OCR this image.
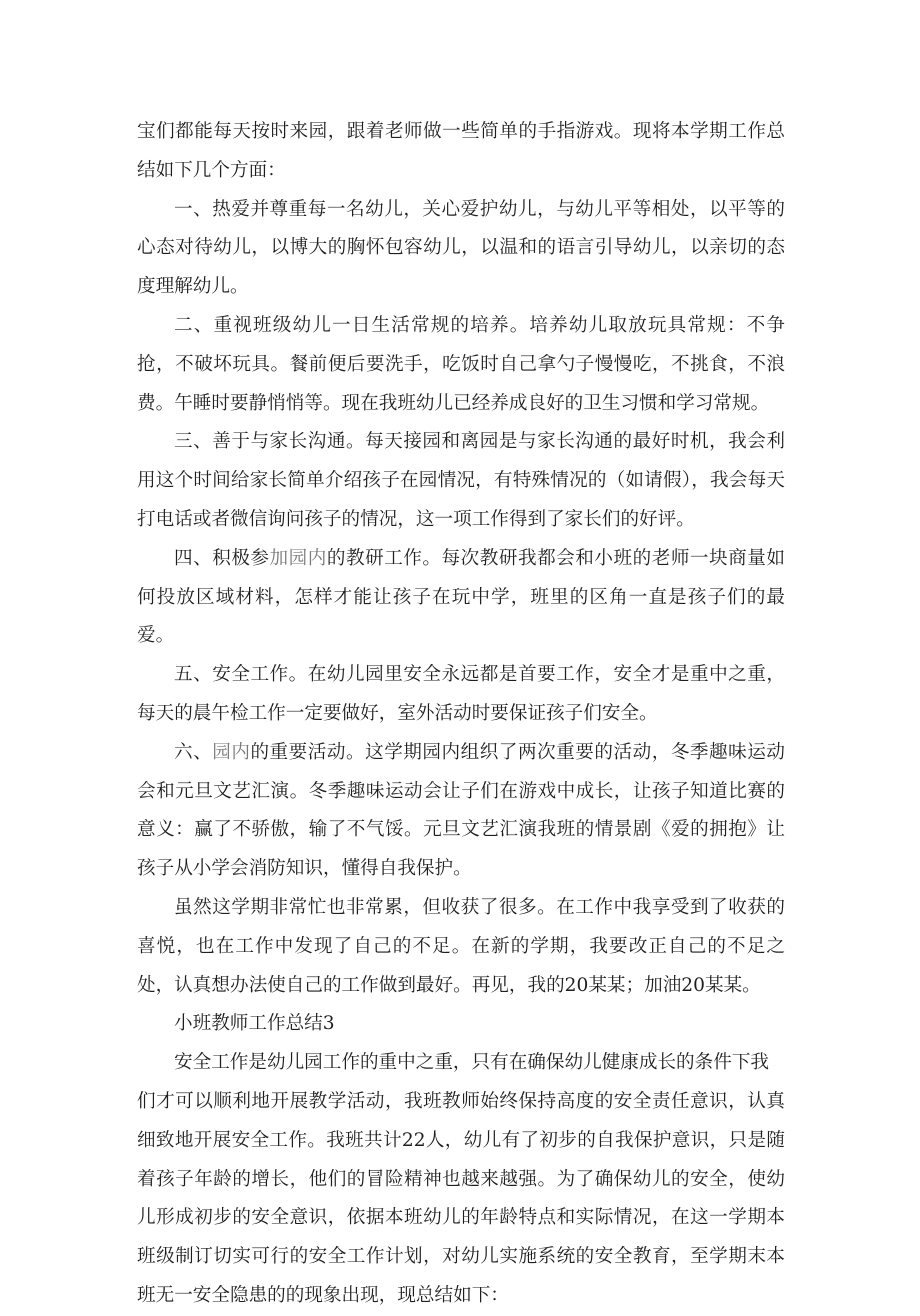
宝们都能每天按时来园，跟着老师做一些简单的手指游戏。现将本学期工作总结如下几个方面：

一、热爱并尊重每一名幼儿，关心爱护幼儿，与幼儿平等相处，以平等的心态对待幼儿，以博大的胸怀包容幼儿，以温和的语言引导幼儿，以亲切的态度理解幼儿。

二、重视班级幼儿一日生活常规的培养。培养幼儿取放玩具常规：不争抢，不破坏玩具。餐前便后要洗手，吃饭时自己拿勺子慢慢吃，不挑食，不浪费。午睡时要静悄悄等。现在我班幼儿已经养成良好的卫生习惯和学习常规。

三、善于与家长沟通。每天接园和离园是与家长沟通的最好时机，我会利用这个时间给家长简单介绍孩子在园情况，有特殊情况的（如请假），我会每天打电话或者微信询问孩子的情况，这一项工作得到了家长们的好评。

四、积极参加园内的教研工作。每次教研我都会和小班的老师一块商量如何投放区域材料，怎样才能让孩子在玩中学，班里的区角一直是孩子们的最爱。

五、安全工作。在幼儿园里安全永远都是首要工作，安全才是重中之重，每天的晨午检工作一定要做好，室外活动时要保证孩子们安全。

六、园内的重要活动。这学期园内组织了两次重要的活动，冬季趣味运动会和元旦文艺汇演。冬季趣味运动会让子们在游戏中成长，让孩子知道比赛的意义：赢了不骄傲，输了不气馁。元旦文艺汇演我班的情景剧《爱的拥抱》让孩子从小学会消防知识，懂得自我保护。

虽然这学期非常忙也非常累，但收获了很多。在工作中我享受到了收获的喜悦，也在工作中发现了自己的不足。在新的学期，我要改正自己的不足之处，认真想办法使自己的工作做到最好。再见，我的20某某；加油20某某。

小班教师工作总结3

安全工作是幼儿园工作的重中之重，只有在确保幼儿健康成长的条件下我

们才可以顺利地开展教学活动，我班教师始终保持高度的安全责任意识，认真细致地开展安全工作。我班共计22人，幼儿有了初步的自我保护意识，只是随着孩子年龄的增长，他们的冒险精神也越来越强。为了确保幼儿的安全，使幼儿形成初步的安全意识，依据本班幼儿的年龄特点和实际情况，在这一学期本班级制订切实可行的安全工作计划，对幼儿实施系统的安全教育，至学期末本班无一安全隐患的的现象出现，现总结如下：
